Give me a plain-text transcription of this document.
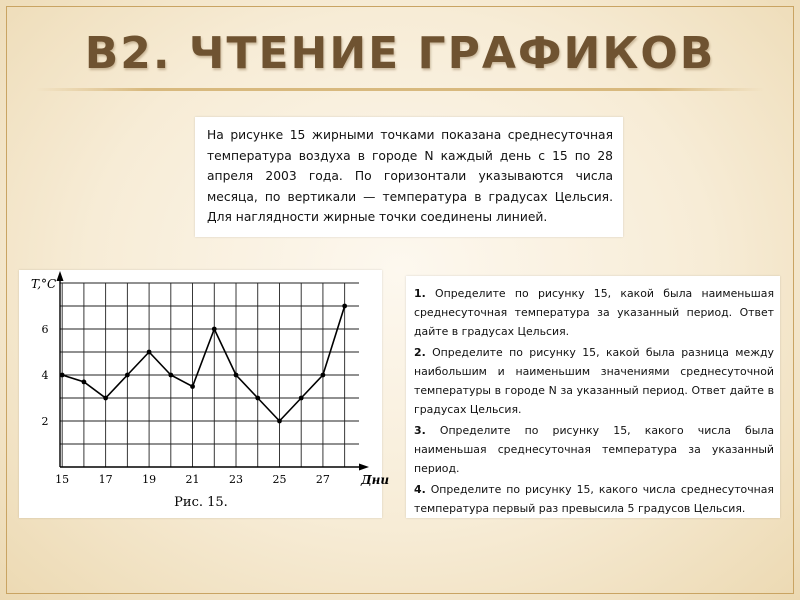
В2. ЧТЕНИЕ ГРАФИКОВ
На рисунке 15 жирными точками показана среднесуточная температура воздуха в городе N каждый день с 15 по 28 апреля 2003 года. По горизонтали указываются числа месяца, по вертикали — температура в градусах Цельсия. Для наглядности жирные точки соединены линией.
T,°C
Дни
2
4
6
15	17	19	21	23	25	27
Рис. 15.
1. Определите по рисунку 15, какой была наименьшая среднесуточная температура за указанный период. Ответ дайте в градусах Цельсия.
2. Определите по рисунку 15, какой была разница между наибольшим и наименьшим значениями среднесуточной температуры в городе N за указанный период. Ответ дайте в градусах Цельсия.
3. Определите по рисунку 15, какого числа была наименьшая среднесуточная температура за указанный период.
4. Определите по рисунку 15, какого числа среднесуточная температура первый раз превысила 5 градусов Цельсия.
